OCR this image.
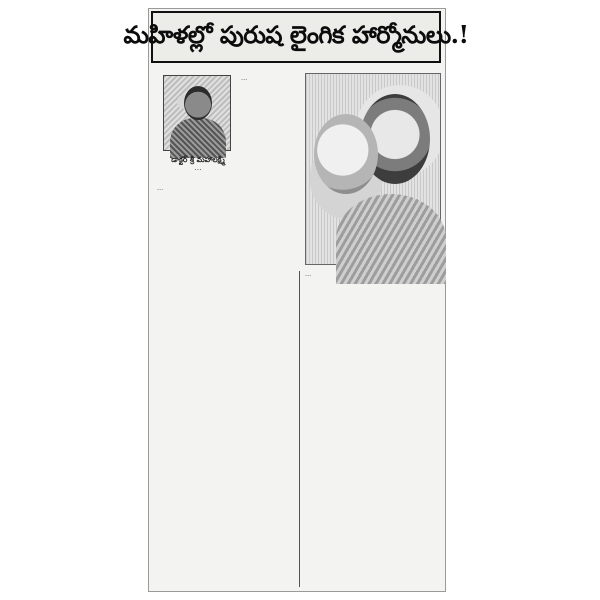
మహిళల్లో పురుష లైంగిక హార్మోనులు.!
డాక్టర్ శ్రీ మహాలక్ష్మి
…
…
…
…
